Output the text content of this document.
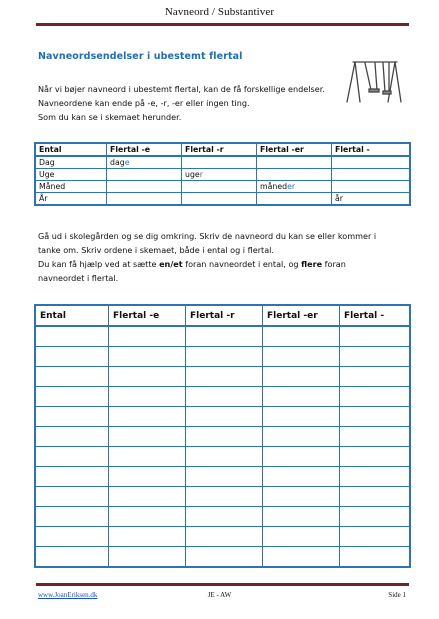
Navneord / Substantiver
Navneordsendelser i ubestemt flertal
Når vi bøjer navneord i ubestemt flertal, kan de få forskellige endelser.
Navneordene kan ende på -e, -r, -er eller ingen ting.
Som du kan se i skemaet herunder.
Ental	Flertal -e	Flertal -r	Flertal -er	Flertal -
Dag	dage			
Uge		uger		
Måned			måneder	
År				år
Gå ud i skolegården og se dig omkring. Skriv de navneord du kan se eller kommer i
tanke om. Skriv ordene i skemaet, både i ental og i flertal.
Du kan få hjælp ved at sætte en/et foran navneordet i ental, og flere foran
navneordet i flertal.
Ental	Flertal -e	Flertal -r	Flertal -er	Flertal -

www.JoanEriksen.dk	JE - AW	Side 1
